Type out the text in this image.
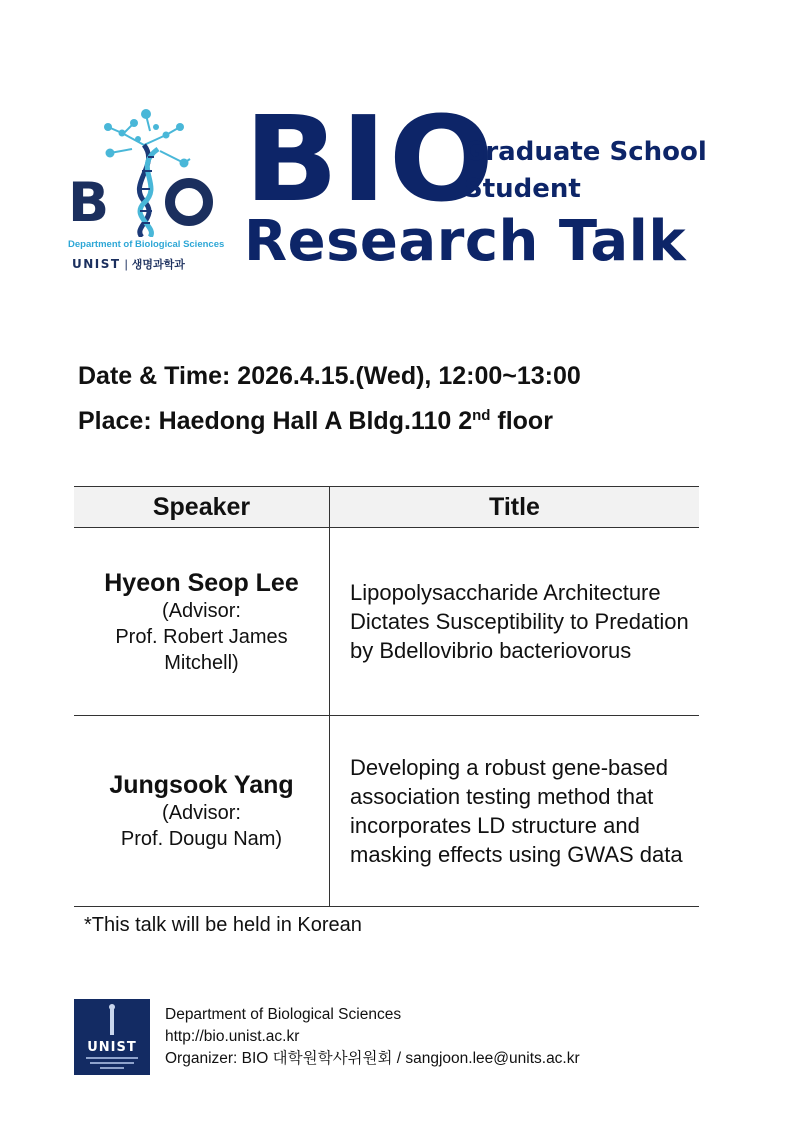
B
Department of Biological Sciences
UNIST | 생명과학과
BIO
Graduate School
Student
Research Talk
Date & Time: 2026.4.15.(Wed), 12:00~13:00
Place: Haedong Hall A Bldg.110 2nd floor
Speaker	Title

Hyeon Seop Lee
(Advisor:
Prof. Robert James
Mitchell)	Lipopolysaccharide Architecture Dictates Susceptibility to Predation by Bdellovibrio bacteriovorus

Jungsook Yang
(Advisor:
Prof. Dougu Nam)	Developing a robust gene-based association testing method that incorporates LD structure and masking effects using GWAS data
*This talk will be held in Korean
UNIST
Department of Biological Sciences
http://bio.unist.ac.kr
Organizer: BIO 대학원학사위원회 / sangjoon.lee@units.ac.kr
